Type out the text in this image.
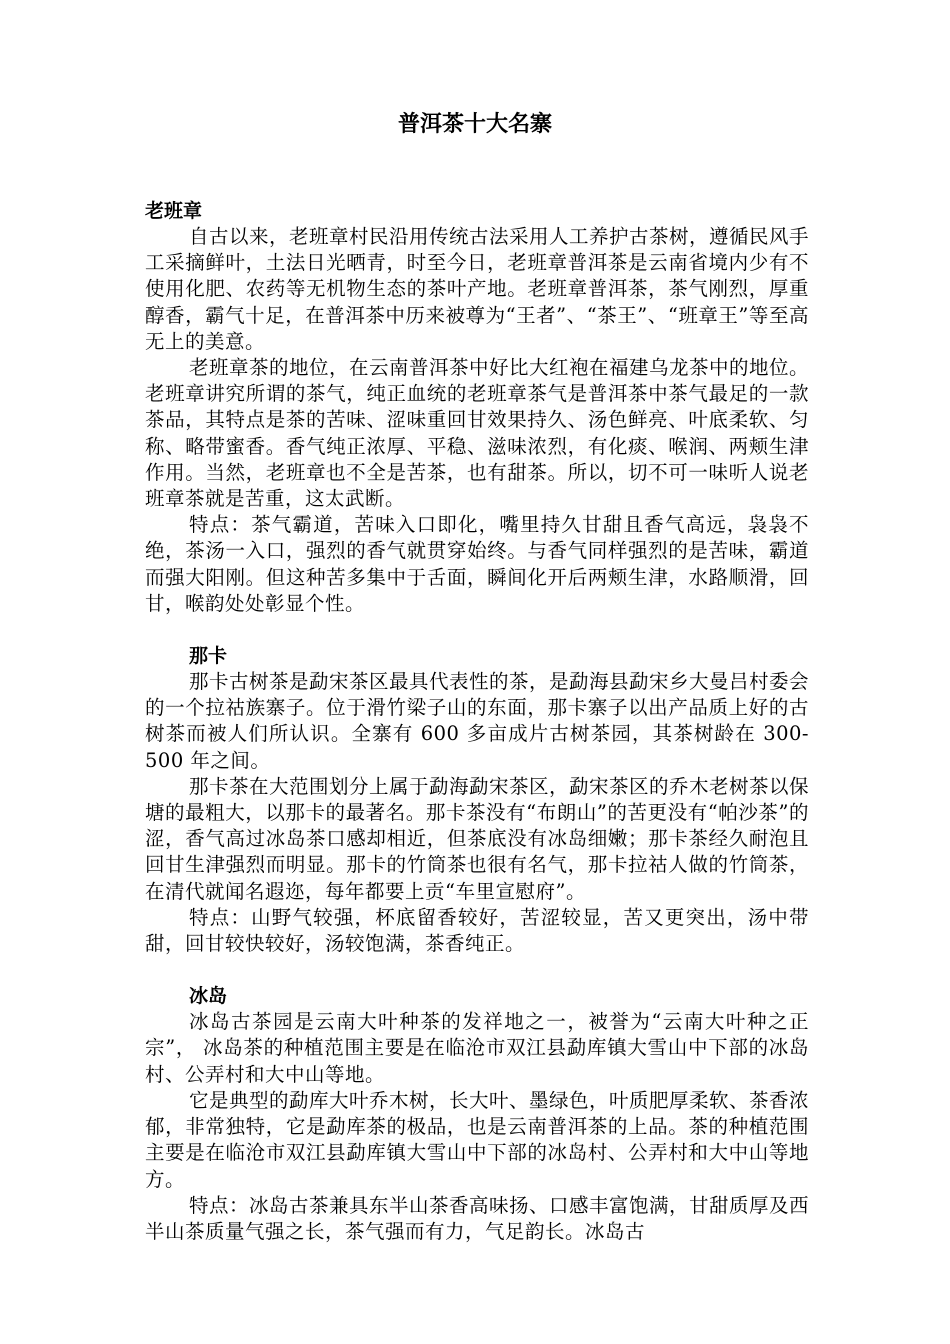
普洱茶十大名寨

老班章

自古以来，老班章村民沿用传统古法采用人工养护古茶树，遵循民风手工采摘鲜叶，土法日光晒青，时至今日，老班章普洱茶是云南省境内少有不使用化肥、农药等无机物生态的茶叶产地。老班章普洱茶，茶气刚烈，厚重醇香，霸气十足，在普洱茶中历来被尊为“王者”、“茶王”、“班章王”等至高无上的美意。

老班章茶的地位，在云南普洱茶中好比大红袍在福建乌龙茶中的地位。老班章讲究所谓的茶气，纯正血统的老班章茶气是普洱茶中茶气最足的一款茶品，其特点是茶的苦味、涩味重回甘效果持久、汤色鲜亮、叶底柔软、匀称、略带蜜香。香气纯正浓厚、平稳、滋味浓烈，有化痰、喉润、两颊生津作用。当然，老班章也不全是苦茶，也有甜茶。所以，切不可一味听人说老班章茶就是苦重，这太武断。

特点：茶气霸道，苦味入口即化，嘴里持久甘甜且香气高远，袅袅不绝，茶汤一入口，强烈的香气就贯穿始终。与香气同样强烈的是苦味，霸道而强大阳刚。但这种苦多集中于舌面，瞬间化开后两颊生津，水路顺滑，回甘，喉韵处处彰显个性。

那卡

那卡古树茶是勐宋茶区最具代表性的茶，是勐海县勐宋乡大曼吕村委会的一个拉祜族寨子。位于滑竹梁子山的东面，那卡寨子以出产品质上好的古树茶而被人们所认识。全寨有 600 多亩成片古树茶园，其茶树龄在 300-500 年之间。

那卡茶在大范围划分上属于勐海勐宋茶区，勐宋茶区的乔木老树茶以保塘的最粗大，以那卡的最著名。那卡茶没有“布朗山”的苦更没有“帕沙茶”的涩，香气高过冰岛茶口感却相近，但茶底没有冰岛细嫩；那卡茶经久耐泡且回甘生津强烈而明显。那卡的竹筒茶也很有名气，那卡拉祜人做的竹筒茶，在清代就闻名遐迩，每年都要上贡“车里宣慰府”。

特点：山野气较强，杯底留香较好，苦涩较显，苦又更突出，汤中带甜，回甘较快较好，汤较饱满，茶香纯正。

冰岛

冰岛古茶园是云南大叶种茶的发祥地之一，被誉为“云南大叶种之正宗”， 冰岛茶的种植范围主要是在临沧市双江县勐库镇大雪山中下部的冰岛村、公弄村和大中山等地。

它是典型的勐库大叶乔木树，长大叶、墨绿色，叶质肥厚柔软、茶香浓郁，非常独特，它是勐库茶的极品，也是云南普洱茶的上品。茶的种植范围主要是在临沧市双江县勐库镇大雪山中下部的冰岛村、公弄村和大中山等地方。

特点：冰岛古茶兼具东半山茶香高味扬、口感丰富饱满，甘甜质厚及西半山茶质量气强之长，茶气强而有力，气足韵长。冰岛古
